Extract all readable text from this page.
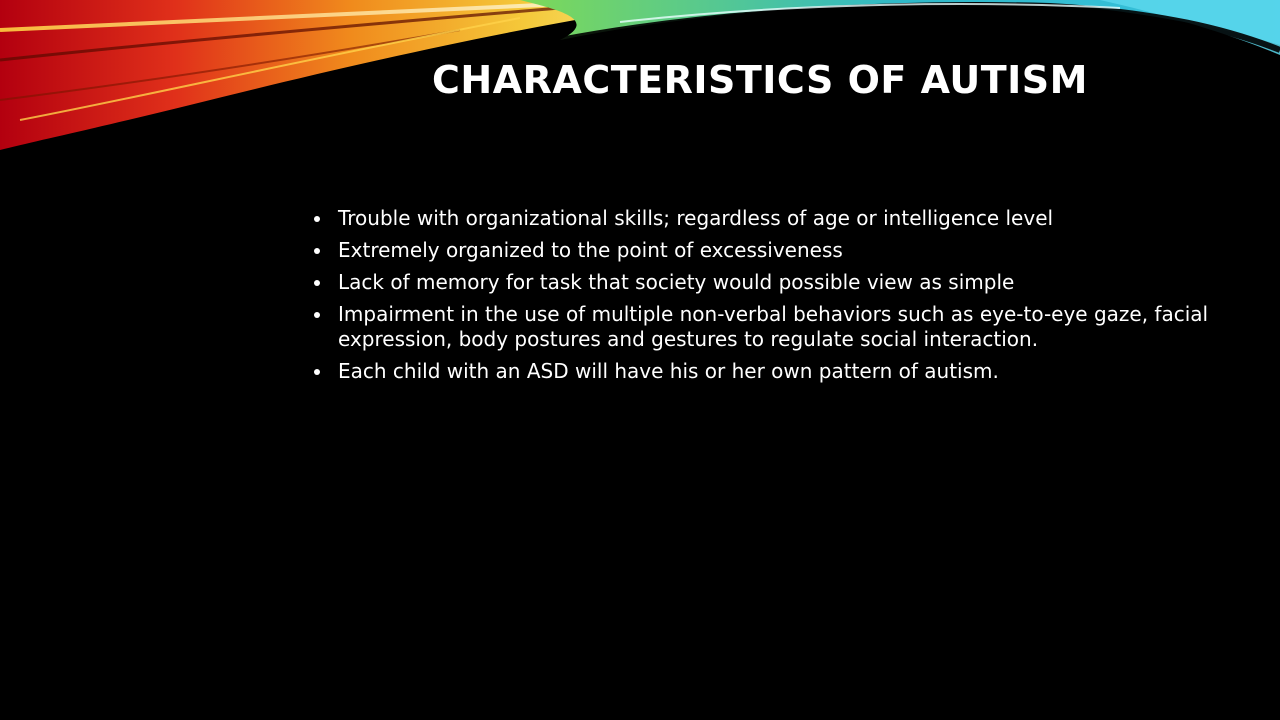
CHARACTERISTICS OF AUTISM
Trouble with organizational skills; regardless of age or intelligence level
Extremely organized to the point of excessiveness
Lack of memory for task that society would possible view as simple
Impairment in the use of multiple non-verbal behaviors such as eye-to-eye gaze, facial expression, body postures and gestures to regulate social interaction.
Each child with an ASD will have his or her own pattern of autism.
